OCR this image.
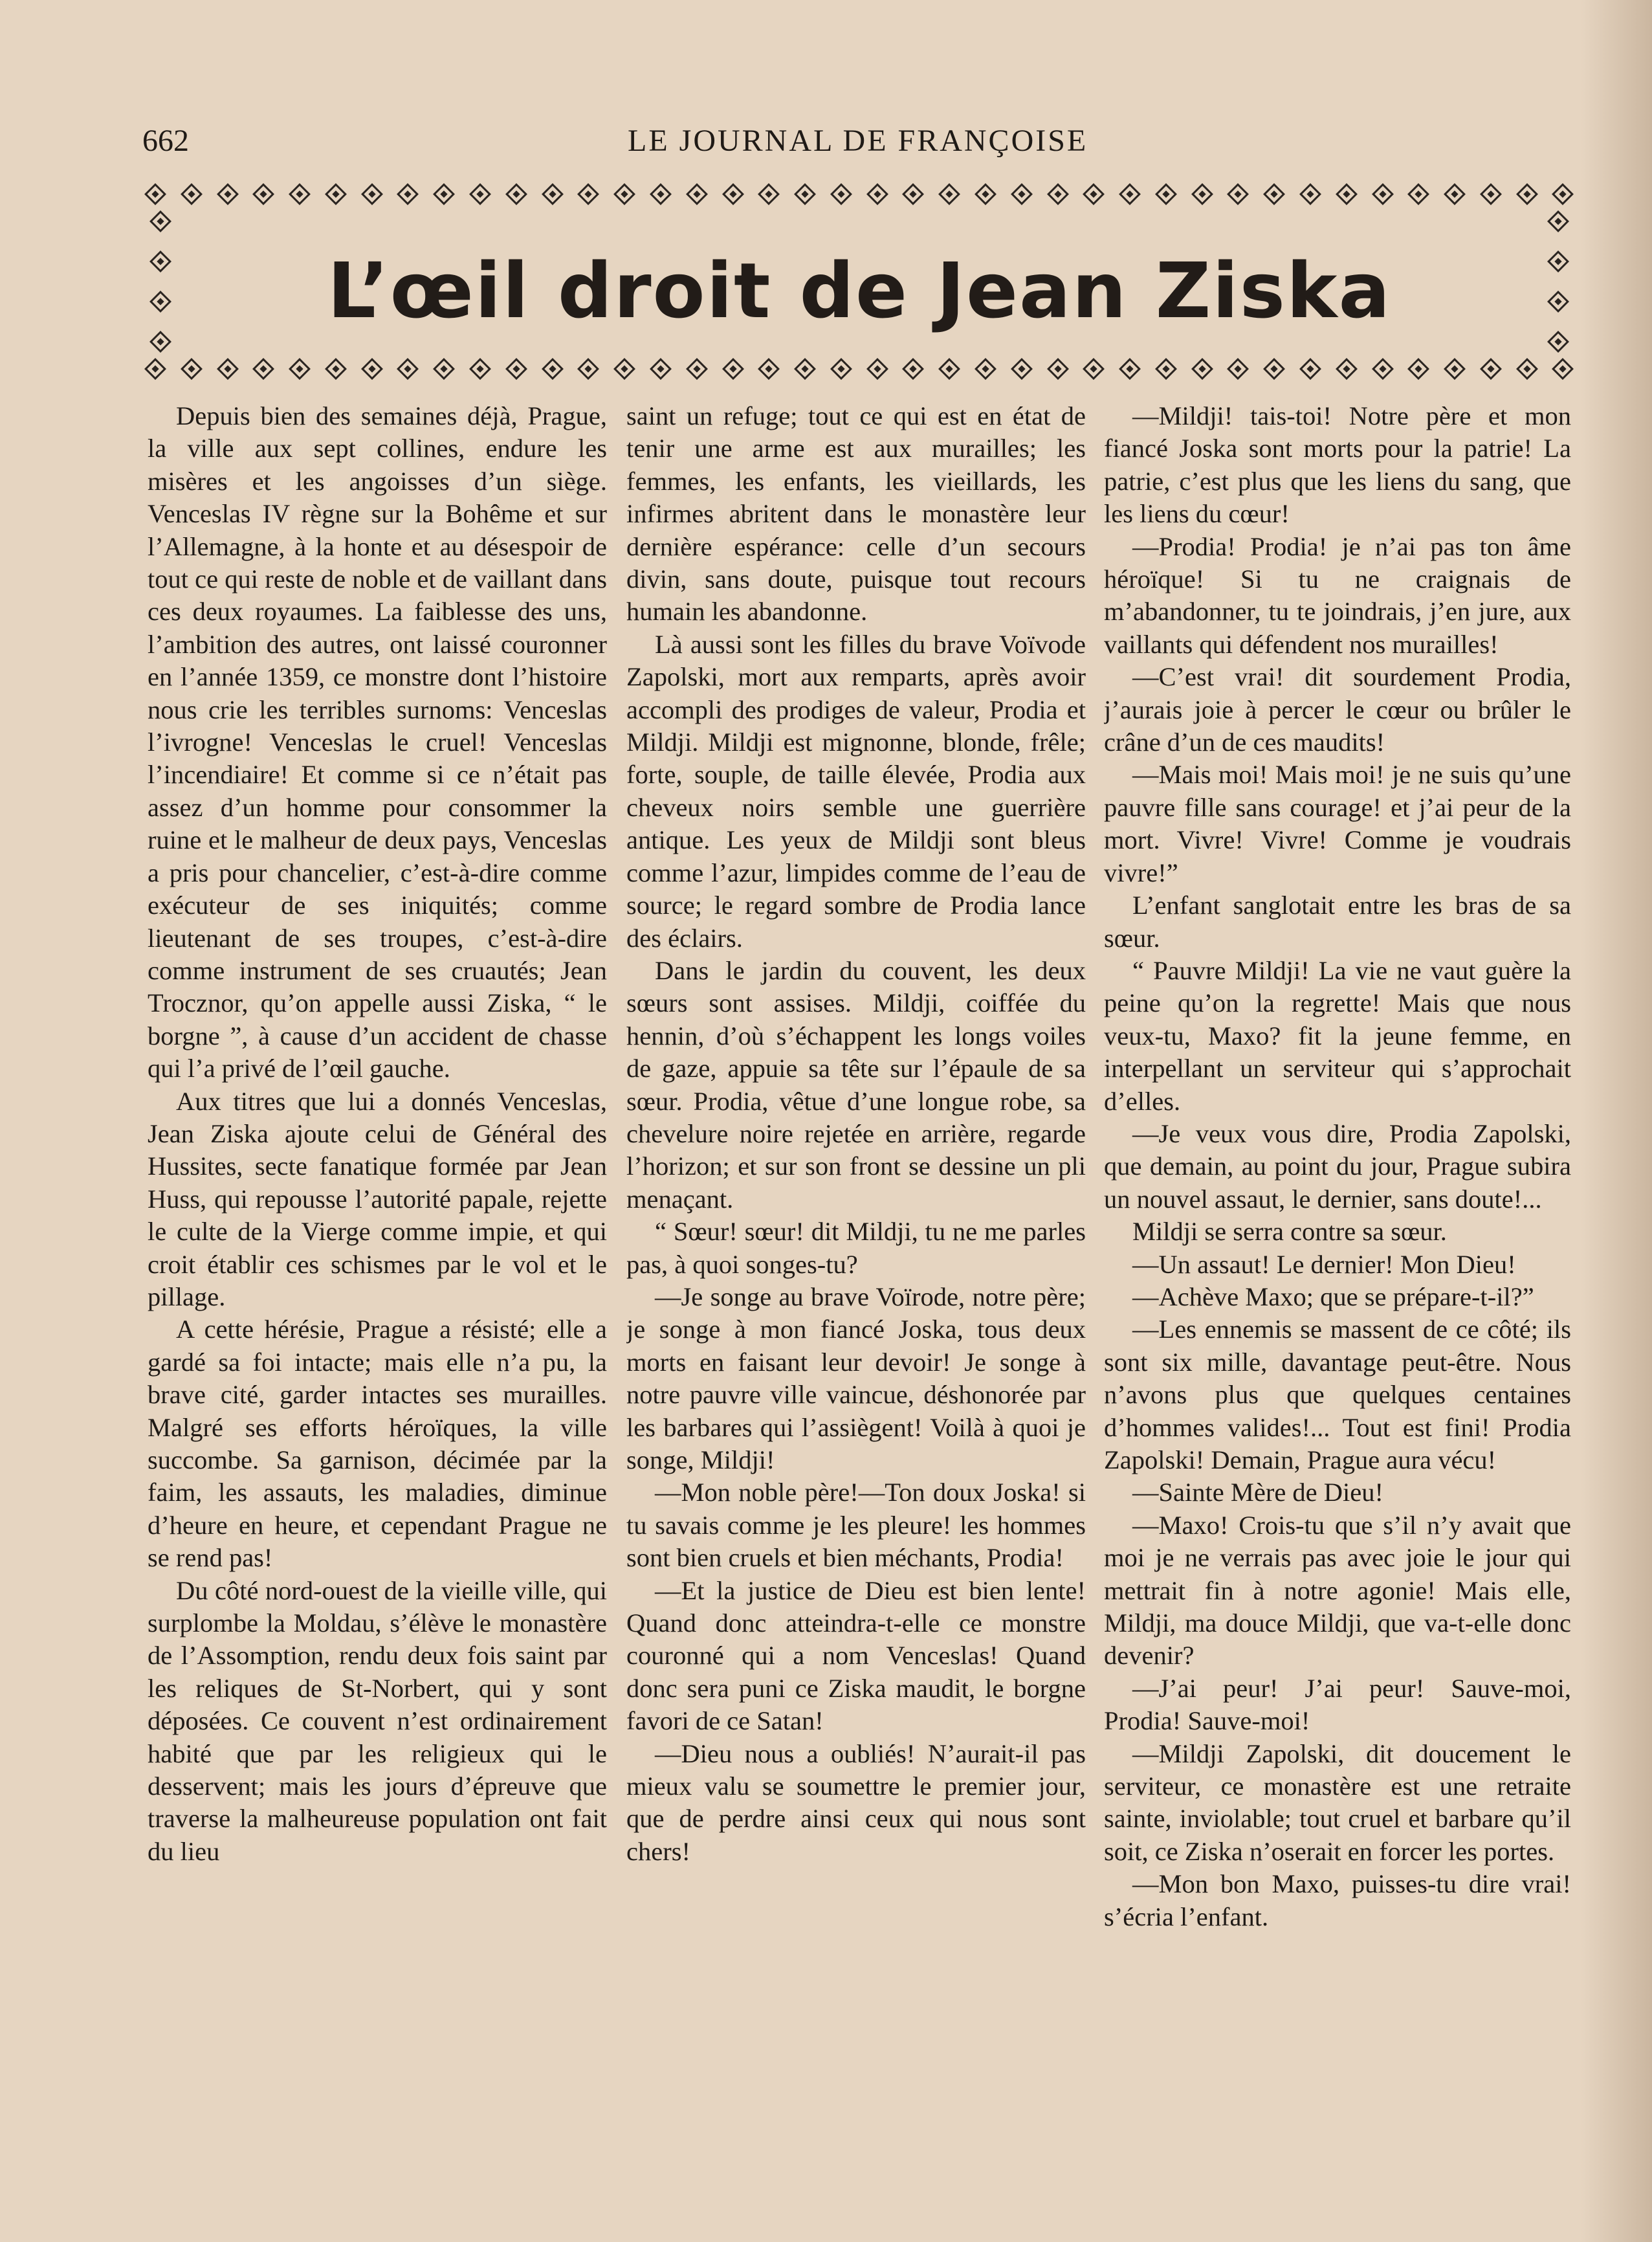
662	LE JOURNAL DE FRANÇOISE
L’œil droit de Jean Ziska

Depuis bien des semaines déjà, Prague, la ville aux sept collines, endure les misères et les angoisses d’un siège. Venceslas IV règne sur la Bohême et sur l’Allemagne, à la honte et au désespoir de tout ce qui reste de noble et de vaillant dans ces deux royaumes. La faiblesse des uns, l’ambition des autres, ont laissé couronner en l’année 1359, ce monstre dont l’histoire nous crie les terribles surnoms: Venceslas l’ivrogne! Venceslas le cruel! Venceslas l’incendiaire! Et comme si ce n’était pas assez d’un homme pour consommer la ruine et le malheur de deux pays, Venceslas a pris pour chancelier, c’est-à-dire comme exécuteur de ses iniquités; comme lieutenant de ses troupes, c’est-à-dire comme instrument de ses cruautés; Jean Trocznor, qu’on appelle aussi Ziska, “ le borgne ”, à cause d’un accident de chasse qui l’a privé de l’œil gauche.

Aux titres que lui a donnés Venceslas, Jean Ziska ajoute celui de Général des Hussites, secte fanatique formée par Jean Huss, qui repousse l’autorité papale, rejette le culte de la Vierge comme impie, et qui croit établir ces schismes par le vol et le pillage.

A cette hérésie, Prague a résisté; elle a gardé sa foi intacte; mais elle n’a pu, la brave cité, garder intactes ses murailles. Malgré ses efforts héroïques, la ville succombe. Sa garnison, décimée par la faim, les assauts, les maladies, diminue d’heure en heure, et cependant Prague ne se rend pas!

Du côté nord-ouest de la vieille ville, qui surplombe la Moldau, s’élève le monastère de l’Assomption, rendu deux fois saint par les reliques de St-Norbert, qui y sont déposées. Ce couvent n’est ordinairement habité que par les religieux qui le desservent; mais les jours d’épreuve que traverse la malheureuse population ont fait du lieu

saint un refuge; tout ce qui est en état de tenir une arme est aux murailles; les femmes, les enfants, les vieillards, les infirmes abritent dans le monastère leur dernière espérance: celle d’un secours divin, sans doute, puisque tout recours humain les abandonne.

Là aussi sont les filles du brave Voïvode Zapolski, mort aux remparts, après avoir accompli des prodiges de valeur, Prodia et Mildji. Mildji est mignonne, blonde, frêle; forte, souple, de taille élevée, Prodia aux cheveux noirs semble une guerrière antique. Les yeux de Mildji sont bleus comme l’azur, limpides comme de l’eau de source; le regard sombre de Prodia lance des éclairs.

Dans le jardin du couvent, les deux sœurs sont assises. Mildji, coiffée du hennin, d’où s’échappent les longs voiles de gaze, appuie sa tête sur l’épaule de sa sœur. Prodia, vêtue d’une longue robe, sa chevelure noire rejetée en arrière, regarde l’horizon; et sur son front se dessine un pli menaçant.

“ Sœur! sœur! dit Mildji, tu ne me parles pas, à quoi songes-tu?

—Je songe au brave Voïrode, notre père; je songe à mon fiancé Joska, tous deux morts en faisant leur devoir! Je songe à notre pauvre ville vaincue, déshonorée par les barbares qui l’assiègent! Voilà à quoi je songe, Mildji!

—Mon noble père!—Ton doux Joska! si tu savais comme je les pleure! les hommes sont bien cruels et bien méchants, Prodia!

—Et la justice de Dieu est bien lente! Quand donc atteindra-t-elle ce monstre couronné qui a nom Venceslas! Quand donc sera puni ce Ziska maudit, le borgne favori de ce Satan!

—Dieu nous a oubliés! N’aurait-il pas mieux valu se soumettre le premier jour, que de perdre ainsi ceux qui nous sont chers!

—Mildji! tais-toi! Notre père et mon fiancé Joska sont morts pour la patrie! La patrie, c’est plus que les liens du sang, que les liens du cœur!

—Prodia! Prodia! je n’ai pas ton âme héroïque! Si tu ne craignais de m’abandonner, tu te joindrais, j’en jure, aux vaillants qui défendent nos murailles!

—C’est vrai! dit sourdement Prodia, j’aurais joie à percer le cœur ou brûler le crâne d’un de ces maudits!

—Mais moi! Mais moi! je ne suis qu’une pauvre fille sans courage! et j’ai peur de la mort. Vivre! Vivre! Comme je voudrais vivre!”

L’enfant sanglotait entre les bras de sa sœur.

“ Pauvre Mildji! La vie ne vaut guère la peine qu’on la regrette! Mais que nous veux-tu, Maxo? fit la jeune femme, en interpellant un serviteur qui s’approchait d’elles.

—Je veux vous dire, Prodia Zapolski, que demain, au point du jour, Prague subira un nouvel assaut, le dernier, sans doute!...

Mildji se serra contre sa sœur.

—Un assaut! Le dernier! Mon Dieu!

—Achève Maxo; que se prépare-t-il?”

—Les ennemis se massent de ce côté; ils sont six mille, davantage peut-être. Nous n’avons plus que quelques centaines d’hommes valides!... Tout est fini! Prodia Zapolski! Demain, Prague aura vécu!

—Sainte Mère de Dieu!

—Maxo! Crois-tu que s’il n’y avait que moi je ne verrais pas avec joie le jour qui mettrait fin à notre agonie! Mais elle, Mildji, ma douce Mildji, que va-t-elle donc devenir?

—J’ai peur! J’ai peur! Sauve-moi, Prodia! Sauve-moi!

—Mildji Zapolski, dit doucement le serviteur, ce monastère est une retraite sainte, inviolable; tout cruel et barbare qu’il soit, ce Ziska n’oserait en forcer les portes.

—Mon bon Maxo, puisses-tu dire vrai! s’écria l’enfant.
